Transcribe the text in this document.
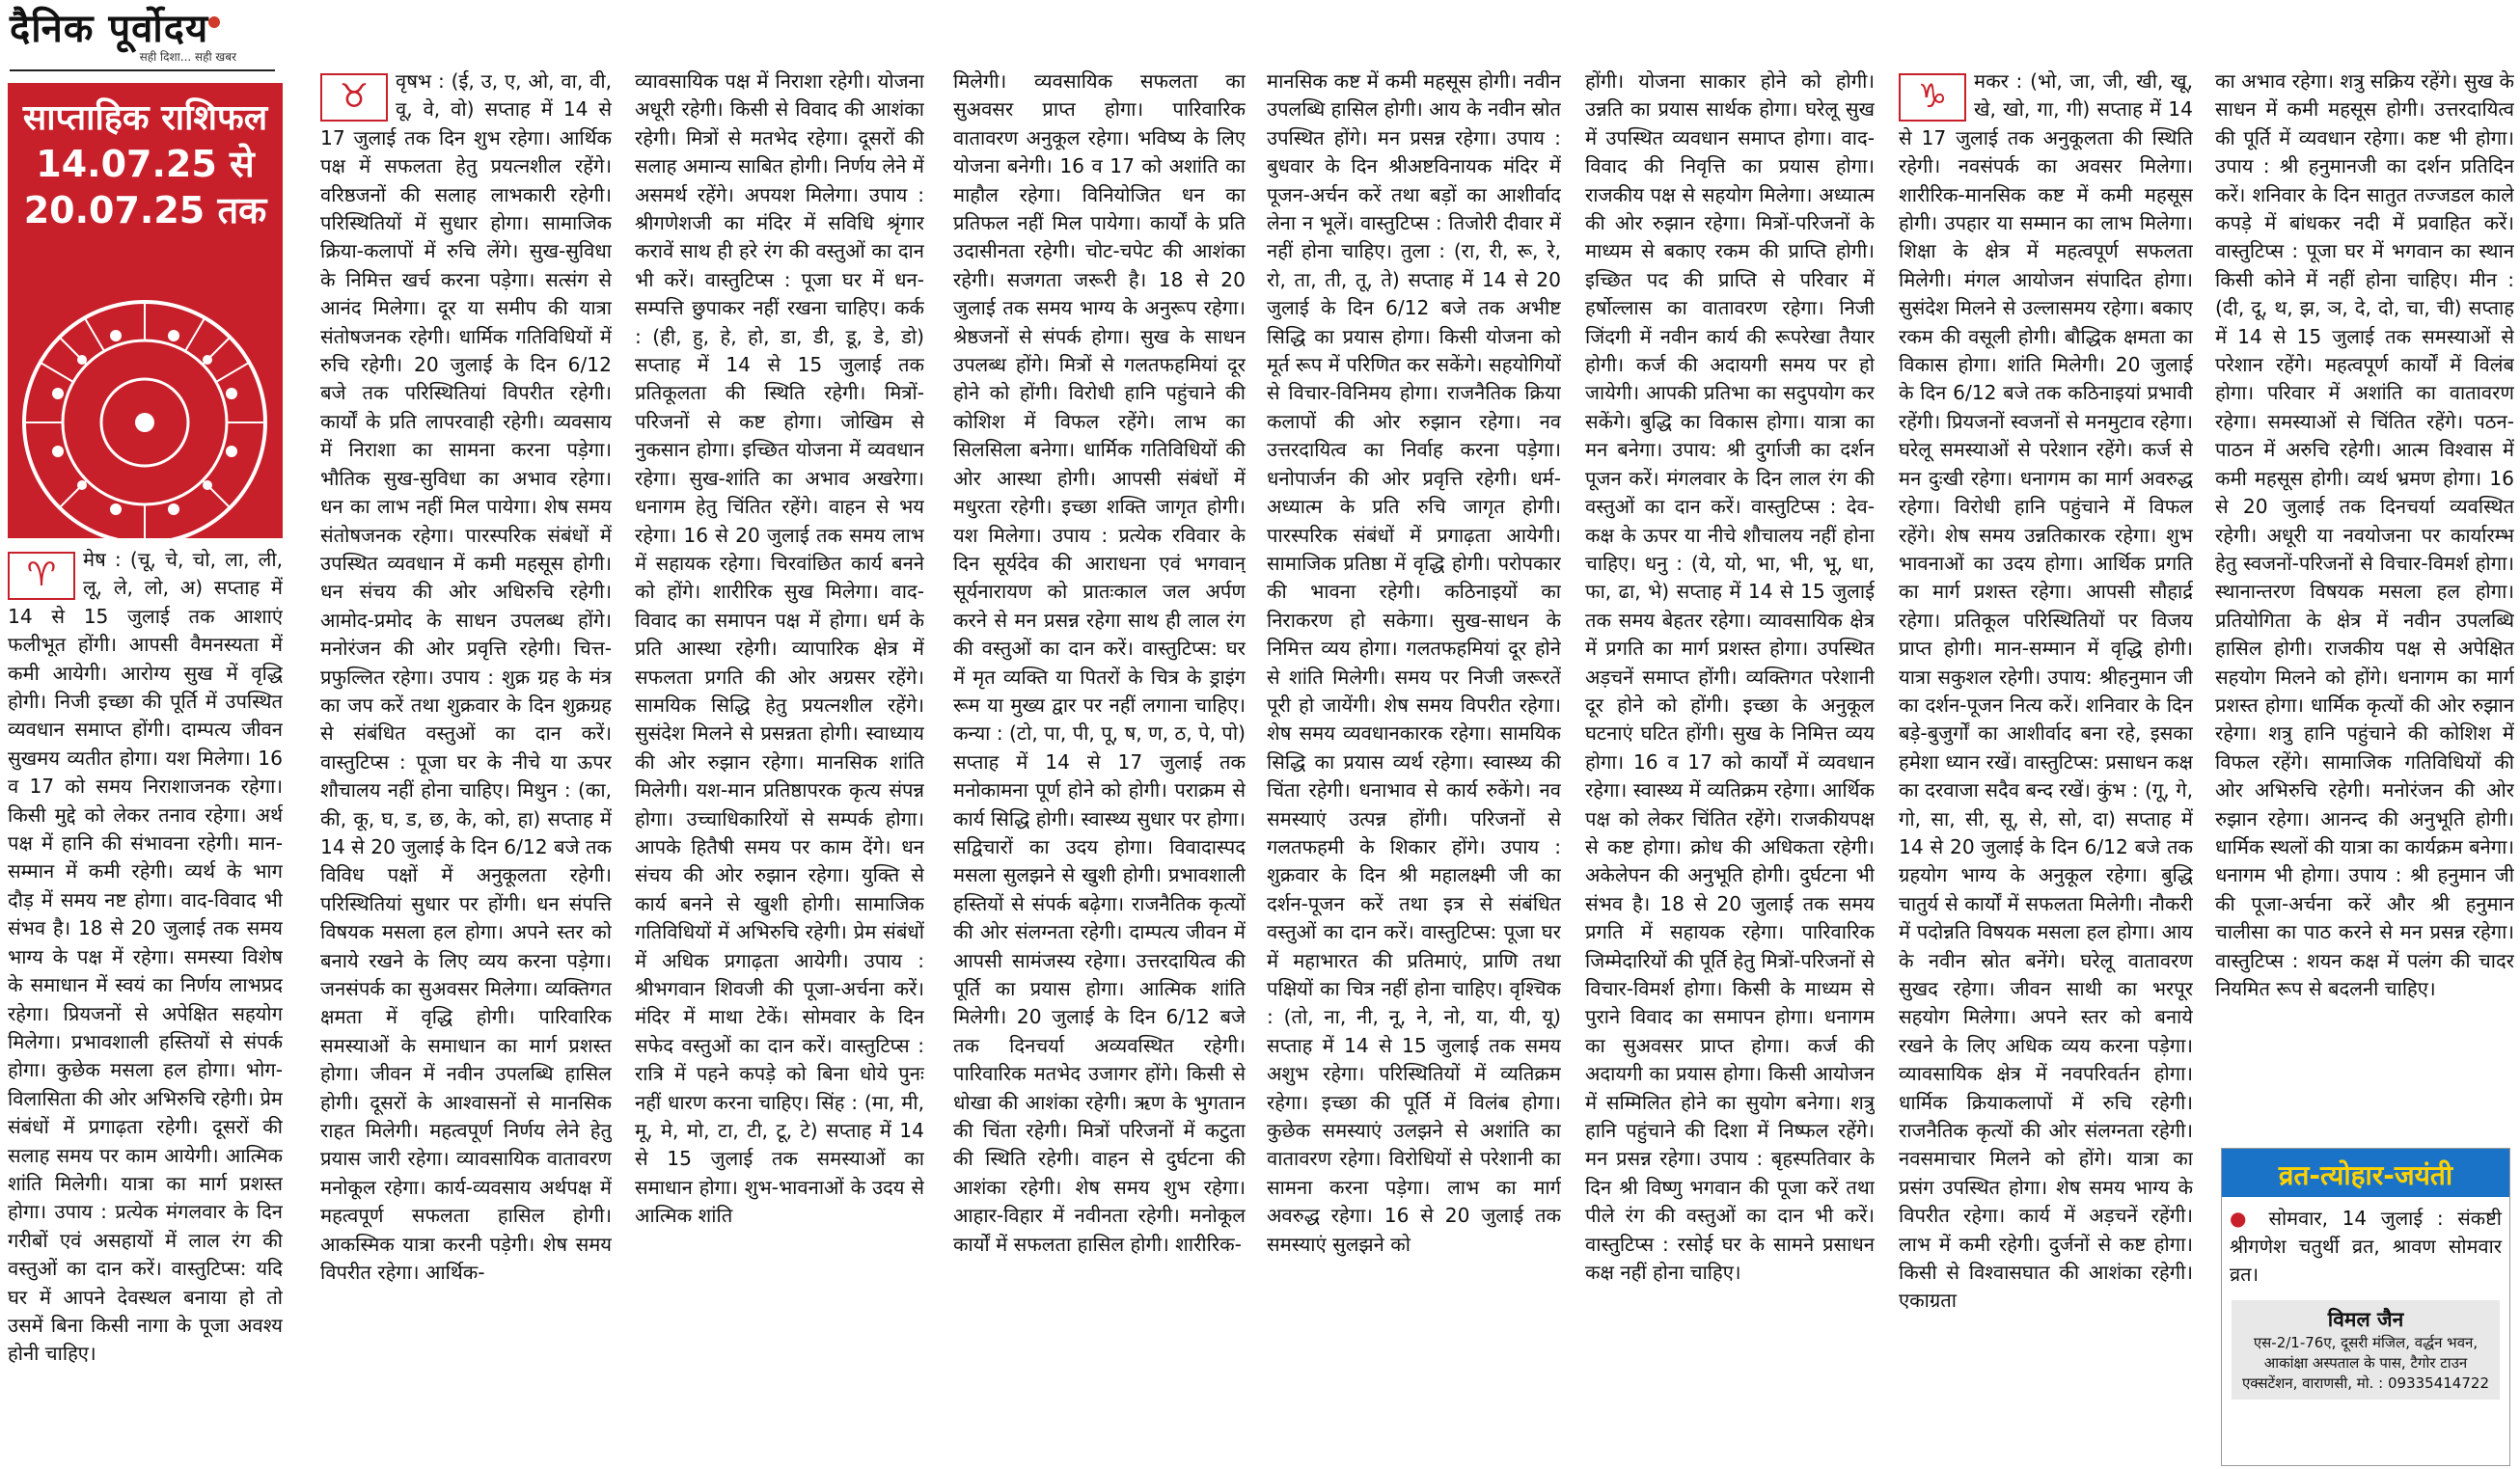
दैनिक पूर्वोदय
सही दिशा... सही खबर
साप्ताहिक राशिफल
14.07.25 से
20.07.25 तक
♈	मेष : (चू, चे, चो, ला, ली, लू, ले, लो, अ) सप्ताह में 14 से 15 जुलाई तक आशाएं फलीभूत होंगी। आपसी वैमनस्यता में कमी आयेगी। आरोग्य सुख में वृद्धि होगी। निजी इच्छा की पूर्ति में उपस्थित व्यवधान समाप्त होंगी। दाम्पत्य जीवन सुखमय व्यतीत होगा। यश मिलेगा। 16 व 17 को समय निराशाजनक रहेगा। किसी मुद्दे को लेकर तनाव रहेगा। अर्थ पक्ष में हानि की संभावना रहेगी। मान-सम्मान में कमी रहेगी। व्यर्थ के भाग दौड़ में समय नष्ट होगा। वाद-विवाद भी संभव है। 18 से 20 जुलाई तक समय भाग्य के पक्ष में रहेगा। समस्या विशेष के समाधान में स्वयं का निर्णय लाभप्रद रहेगा। प्रियजनों से अपेक्षित सहयोग मिलेगा। प्रभावशाली हस्तियों से संपर्क होगा। कुछेक मसला हल होगा। भोग-विलासिता की ओर अभिरुचि रहेगी। प्रेम संबंधों में प्रगाढ़ता रहेगी। दूसरों की सलाह समय पर काम आयेगी। आत्मिक शांति मिलेगी। यात्रा का मार्ग प्रशस्त होगा। उपाय : प्रत्येक मंगलवार के दिन गरीबों एवं असहायों में लाल रंग की वस्तुओं का दान करें। वास्तुटिप्स: यदि घर में आपने देवस्थल बनाया हो तो उसमें बिना किसी नागा के पूजा अवश्य होनी चाहिए।

♉	वृषभ : (ई, उ, ए, ओ, वा, वी, वू, वे, वो) सप्ताह में 14 से 17 जुलाई तक दिन शुभ रहेगा। आर्थिक पक्ष में सफलता हेतु प्रयत्नशील रहेंगे। वरिष्ठजनों की सलाह लाभकारी रहेगी। परिस्थितियों में सुधार होगा। सामाजिक क्रिया-कलापों में रुचि लेंगे। सुख-सुविधा के निमित्त खर्च करना पड़ेगा। सत्संग से आनंद मिलेगा। दूर या समीप की यात्रा संतोषजनक रहेगी। धार्मिक गतिविधियों में रुचि रहेगी। 20 जुलाई के दिन 6/12 बजे तक परिस्थितियां विपरीत रहेगी। कार्यों के प्रति लापरवाही रहेगी। व्यवसाय में निराशा का सामना करना पड़ेगा। भौतिक सुख-सुविधा का अभाव रहेगा। धन का लाभ नहीं मिल पायेगा। शेष समय संतोषजनक रहेगा। पारस्परिक संबंधों में उपस्थित व्यवधान में कमी महसूस होगी। धन संचय की ओर अधिरुचि रहेगी। आमोद-प्रमोद के साधन उपलब्ध होंगे। मनोरंजन की ओर प्रवृत्ति रहेगी। चित्त-प्रफुल्लित रहेगा। उपाय : शुक्र ग्रह के मंत्र का जप करें तथा शुक्रवार के दिन शुक्रग्रह से संबंधित वस्तुओं का दान करें। वास्तुटिप्स : पूजा घर के नीचे या ऊपर शौचालय नहीं होना चाहिए। मिथुन : (का, की, कू, घ, ड, छ, के, को, हा) सप्ताह में 14 से 20 जुलाई के दिन 6/12 बजे तक विविध पक्षों में अनुकूलता रहेगी। परिस्थितियां सुधार पर होंगी। धन संपत्ति विषयक मसला हल होगा। अपने स्तर को बनाये रखने के लिए व्यय करना पड़ेगा। जनसंपर्क का सुअवसर मिलेगा। व्यक्तिगत क्षमता में वृद्धि होगी। पारिवारिक समस्याओं के समाधान का मार्ग प्रशस्त होगा। जीवन में नवीन उपलब्धि हासिल होगी। दूसरों के आश्वासनों से मानसिक राहत मिलेगी। महत्वपूर्ण निर्णय लेने हेतु प्रयास जारी रहेगा। व्यावसायिक वातावरण मनोकूल रहेगा। कार्य-व्यवसाय अर्थपक्ष में महत्वपूर्ण सफलता हासिल होगी। आकस्मिक यात्रा करनी पड़ेगी। शेष समय विपरीत रहेगा। आर्थिक-

व्यावसायिक पक्ष में निराशा रहेगी। योजना अधूरी रहेगी। किसी से विवाद की आशंका रहेगी। मित्रों से मतभेद रहेगा। दूसरों की सलाह अमान्य साबित होगी। निर्णय लेने में असमर्थ रहेंगे। अपयश मिलेगा। उपाय : श्रीगणेशजी का मंदिर में सविधि श्रृंगार करावें साथ ही हरे रंग की वस्तुओं का दान भी करें। वास्तुटिप्स : पूजा घर में धन-सम्पत्ति छुपाकर नहीं रखना चाहिए। कर्क : (ही, हु, हे, हो, डा, डी, डू, डे, डो) सप्ताह में 14 से 15 जुलाई तक प्रतिकूलता की स्थिति रहेगी। मित्रों-परिजनों से कष्ट होगा। जोखिम से नुकसान होगा। इच्छित योजना में व्यवधान रहेगा। सुख-शांति का अभाव अखरेगा। धनागम हेतु चिंतित रहेंगे। वाहन से भय रहेगा। 16 से 20 जुलाई तक समय लाभ में सहायक रहेगा। चिरवांछित कार्य बनने को होंगे। शारीरिक सुख मिलेगा। वाद-विवाद का समापन पक्ष में होगा। धर्म के प्रति आस्था रहेगी। व्यापारिक क्षेत्र में सफलता प्रगति की ओर अग्रसर रहेंगे। सामयिक सिद्धि हेतु प्रयत्नशील रहेंगे। सुसंदेश मिलने से प्रसन्नता होगी। स्वाध्याय की ओर रुझान रहेगा। मानसिक शांति मिलेगी। यश-मान प्रतिष्ठापरक कृत्य संपन्न होगा। उच्चाधिकारियों से सम्पर्क होगा। आपके हितैषी समय पर काम देंगे। धन संचय की ओर रुझान रहेगा। युक्ति से कार्य बनने से खुशी होगी। सामाजिक गतिविधियों में अभिरुचि रहेगी। प्रेम संबंधों में अधिक प्रगाढ़ता आयेगी। उपाय : श्रीभगवान शिवजी की पूजा-अर्चना करें। मंदिर में माथा टेकें। सोमवार के दिन सफेद वस्तुओं का दान करें। वास्तुटिप्स : रात्रि में पहने कपड़े को बिना धोये पुनः नहीं धारण करना चाहिए। सिंह : (मा, मी, मू, मे, मो, टा, टी, टू, टे) सप्ताह में 14 से 15 जुलाई तक समस्याओं का समाधान होगा। शुभ-भावनाओं के उदय से आत्मिक शांति

मिलेगी। व्यवसायिक सफलता का सुअवसर प्राप्त होगा। पारिवारिक वातावरण अनुकूल रहेगा। भविष्य के लिए योजना बनेगी। 16 व 17 को अशांति का माहौल रहेगा। विनियोजित धन का प्रतिफल नहीं मिल पायेगा। कार्यों के प्रति उदासीनता रहेगी। चोट-चपेट की आशंका रहेगी। सजगता जरूरी है। 18 से 20 जुलाई तक समय भाग्य के अनुरूप रहेगा। श्रेष्ठजनों से संपर्क होगा। सुख के साधन उपलब्ध होंगे। मित्रों से गलतफहमियां दूर होने को होंगी। विरोधी हानि पहुंचाने की कोशिश में विफल रहेंगे। लाभ का सिलसिला बनेगा। धार्मिक गतिविधियों की ओर आस्था होगी। आपसी संबंधों में मधुरता रहेगी। इच्छा शक्ति जागृत होगी। यश मिलेगा। उपाय : प्रत्येक रविवार के दिन सूर्यदेव की आराधना एवं भगवान् सूर्यनारायण को प्रातःकाल जल अर्पण करने से मन प्रसन्न रहेगा साथ ही लाल रंग की वस्तुओं का दान करें। वास्तुटिप्स: घर में मृत व्यक्ति या पितरों के चित्र के ड्राइंग रूम या मुख्य द्वार पर नहीं लगाना चाहिए। कन्या : (टो, पा, पी, पू, ष, ण, ठ, पे, पो) सप्ताह में 14 से 17 जुलाई तक मनोकामना पूर्ण होने को होगी। पराक्रम से कार्य सिद्धि होगी। स्वास्थ्य सुधार पर होगा। सद्विचारों का उदय होगा। विवादास्पद मसला सुलझने से खुशी होगी। प्रभावशाली हस्तियों से संपर्क बढ़ेगा। राजनैतिक कृत्यों की ओर संलग्नता रहेगी। दाम्पत्य जीवन में आपसी सामंजस्य रहेगा। उत्तरदायित्व की पूर्ति का प्रयास होगा। आत्मिक शांति मिलेगी। 20 जुलाई के दिन 6/12 बजे तक दिनचर्या अव्यवस्थित रहेगी। पारिवारिक मतभेद उजागर होंगे। किसी से धोखा की आशंका रहेगी। ऋण के भुगतान की चिंता रहेगी। मित्रों परिजनों में कटुता की स्थिति रहेगी। वाहन से दुर्घटना की आशंका रहेगी। शेष समय शुभ रहेगा। आहार-विहार में नवीनता रहेगी। मनोकूल कार्यों में सफलता हासिल होगी। शारीरिक-

मानसिक कष्ट में कमी महसूस होगी। नवीन उपलब्धि हासिल होगी। आय के नवीन स्रोत उपस्थित होंगे। मन प्रसन्न रहेगा। उपाय : बुधवार के दिन श्रीअष्टविनायक मंदिर में पूजन-अर्चन करें तथा बड़ों का आशीर्वाद लेना न भूलें। वास्तुटिप्स : तिजोरी दीवार में नहीं होना चाहिए। तुला : (रा, री, रू, रे, रो, ता, ती, तू, ते) सप्ताह में 14 से 20 जुलाई के दिन 6/12 बजे तक अभीष्ट सिद्धि का प्रयास होगा। किसी योजना को मूर्त रूप में परिणित कर सकेंगे। सहयोगियों से विचार-विनिमय होगा। राजनैतिक क्रिया कलापों की ओर रुझान रहेगा। नव उत्तरदायित्व का निर्वाह करना पड़ेगा। धनोपार्जन की ओर प्रवृत्ति रहेगी। धर्म-अध्यात्म के प्रति रुचि जागृत होगी। पारस्परिक संबंधों में प्रगाढ़ता आयेगी। सामाजिक प्रतिष्ठा में वृद्धि होगी। परोपकार की भावना रहेगी। कठिनाइयों का निराकरण हो सकेगा। सुख-साधन के निमित्त व्यय होगा। गलतफहमियां दूर होने से शांति मिलेगी। समय पर निजी जरूरतें पूरी हो जायेंगी। शेष समय विपरीत रहेगा। शेष समय व्यवधानकारक रहेगा। सामयिक सिद्धि का प्रयास व्यर्थ रहेगा। स्वास्थ्य की चिंता रहेगी। धनाभाव से कार्य रुकेंगे। नव समस्याएं उत्पन्न होंगी। परिजनों से गलतफहमी के शिकार होंगे। उपाय : शुक्रवार के दिन श्री महालक्ष्मी जी का दर्शन-पूजन करें तथा इत्र से संबंधित वस्तुओं का दान करें। वास्तुटिप्स: पूजा घर में महाभारत की प्रतिमाएं, प्राणि तथा पक्षियों का चित्र नहीं होना चाहिए। वृश्चिक : (तो, ना, नी, नू, ने, नो, या, यी, यू) सप्ताह में 14 से 15 जुलाई तक समय अशुभ रहेगा। परिस्थितियों में व्यतिक्रम रहेगा। इच्छा की पूर्ति में विलंब होगा। कुछेक समस्याएं उलझने से अशांति का वातावरण रहेगा। विरोधियों से परेशानी का सामना करना पड़ेगा। लाभ का मार्ग अवरुद्ध रहेगा। 16 से 20 जुलाई तक समस्याएं सुलझने को

होंगी। योजना साकार होने को होगी। उन्नति का प्रयास सार्थक होगा। घरेलू सुख में उपस्थित व्यवधान समाप्त होगा। वाद-विवाद की निवृत्ति का प्रयास होगा। राजकीय पक्ष से सहयोग मिलेगा। अध्यात्म की ओर रुझान रहेगा। मित्रों-परिजनों के माध्यम से बकाए रकम की प्राप्ति होगी। इच्छित पद की प्राप्ति से परिवार में हर्षोल्लास का वातावरण रहेगा। निजी जिंदगी में नवीन कार्य की रूपरेखा तैयार होगी। कर्ज की अदायगी समय पर हो जायेगी। आपकी प्रतिभा का सदुपयोग कर सकेंगे। बुद्धि का विकास होगा। यात्रा का मन बनेगा। उपाय: श्री दुर्गाजी का दर्शन पूजन करें। मंगलवार के दिन लाल रंग की वस्तुओं का दान करें। वास्तुटिप्स : देव-कक्ष के ऊपर या नीचे शौचालय नहीं होना चाहिए। धनु : (ये, यो, भा, भी, भू, धा, फा, ढा, भे) सप्ताह में 14 से 15 जुलाई तक समय बेहतर रहेगा। व्यावसायिक क्षेत्र में प्रगति का मार्ग प्रशस्त होगा। उपस्थित अड़चनें समाप्त होंगी। व्यक्तिगत परेशानी दूर होने को होंगी। इच्छा के अनुकूल घटनाएं घटित होंगी। सुख के निमित्त व्यय होगा। 16 व 17 को कार्यों में व्यवधान रहेगा। स्वास्थ्य में व्यतिक्रम रहेगा। आर्थिक पक्ष को लेकर चिंतित रहेंगे। राजकीयपक्ष से कष्ट होगा। क्रोध की अधिकता रहेगी। अकेलेपन की अनुभूति होगी। दुर्घटना भी संभव है। 18 से 20 जुलाई तक समय प्रगति में सहायक रहेगा। पारिवारिक जिम्मेदारियों की पूर्ति हेतु मित्रों-परिजनों से विचार-विमर्श होगा। किसी के माध्यम से पुराने विवाद का समापन होगा। धनागम का सुअवसर प्राप्त होगा। कर्ज की अदायगी का प्रयास होगा। किसी आयोजन में सम्मिलित होने का सुयोग बनेगा। शत्रु हानि पहुंचाने की दिशा में निष्फल रहेंगे। मन प्रसन्न रहेगा। उपाय : बृहस्पतिवार के दिन श्री विष्णु भगवान की पूजा करें तथा पीले रंग की वस्तुओं का दान भी करें। वास्तुटिप्स : रसोई घर के सामने प्रसाधन कक्ष नहीं होना चाहिए।

♑	मकर : (भो, जा, जी, खी, खू, खे, खो, गा, गी) सप्ताह में 14 से 17 जुलाई तक अनुकूलता की स्थिति रहेगी। नवसंपर्क का अवसर मिलेगा। शारीरिक-मानसिक कष्ट में कमी महसूस होगी। उपहार या सम्मान का लाभ मिलेगा। शिक्षा के क्षेत्र में महत्वपूर्ण सफलता मिलेगी। मंगल आयोजन संपादित होगा। सुसंदेश मिलने से उल्लासमय रहेगा। बकाए रकम की वसूली होगी। बौद्धिक क्षमता का विकास होगा। शांति मिलेगी। 20 जुलाई के दिन 6/12 बजे तक कठिनाइयां प्रभावी रहेंगी। प्रियजनों स्वजनों से मनमुटाव रहेगा। घरेलू समस्याओं से परेशान रहेंगे। कर्ज से मन दुःखी रहेगा। धनागम का मार्ग अवरुद्ध रहेगा। विरोधी हानि पहुंचाने में विफल रहेंगे। शेष समय उन्नतिकारक रहेगा। शुभ भावनाओं का उदय होगा। आर्थिक प्रगति का मार्ग प्रशस्त रहेगा। आपसी सौहार्द्र रहेगा। प्रतिकूल परिस्थितियों पर विजय प्राप्त होगी। मान-सम्मान में वृद्धि होगी। यात्रा सकुशल रहेगी। उपाय: श्रीहनुमान जी का दर्शन-पूजन नित्य करें। शनिवार के दिन बड़े-बुजुर्गों का आशीर्वाद बना रहे, इसका हमेशा ध्यान रखें। वास्तुटिप्स: प्रसाधन कक्ष का दरवाजा सदैव बन्द रखें। कुंभ : (गू, गे, गो, सा, सी, सू, से, सो, दा) सप्ताह में 14 से 20 जुलाई के दिन 6/12 बजे तक ग्रहयोग भाग्य के अनुकूल रहेगा। बुद्धि चातुर्य से कार्यों में सफलता मिलेगी। नौकरी में पदोन्नति विषयक मसला हल होगा। आय के नवीन स्रोत बनेंगे। घरेलू वातावरण सुखद रहेगा। जीवन साथी का भरपूर सहयोग मिलेगा। अपने स्तर को बनाये रखने के लिए अधिक व्यय करना पड़ेगा। व्यावसायिक क्षेत्र में नवपरिवर्तन होगा। धार्मिक क्रियाकलापों में रुचि रहेगी। राजनैतिक कृत्यों की ओर संलग्नता रहेगी। नवसमाचार मिलने को होंगे। यात्रा का प्रसंग उपस्थित होगा। शेष समय भाग्य के विपरीत रहेगा। कार्य में अड़चनें रहेंगी। लाभ में कमी रहेगी। दुर्जनों से कष्ट होगा। किसी से विश्वासघात की आशंका रहेगी। एकाग्रता

का अभाव रहेगा। शत्रु सक्रिय रहेंगे। सुख के साधन में कमी महसूस होगी। उत्तरदायित्व की पूर्ति में व्यवधान रहेगा। कष्ट भी होगा। उपाय : श्री हनुमानजी का दर्शन प्रतिदिन करें। शनिवार के दिन सातुत तज्जडल काले कपड़े में बांधकर नदी में प्रवाहित करें। वास्तुटिप्स : पूजा घर में भगवान का स्थान किसी कोने में नहीं होना चाहिए। मीन : (दी, दू, थ, झ, ञ, दे, दो, चा, ची) सप्ताह में 14 से 15 जुलाई तक समस्याओं से परेशान रहेंगे। महत्वपूर्ण कार्यों में विलंब होगा। परिवार में अशांति का वातावरण रहेगा। समस्याओं से चिंतित रहेंगे। पठन-पाठन में अरुचि रहेगी। आत्म विश्वास में कमी महसूस होगी। व्यर्थ भ्रमण होगा। 16 से 20 जुलाई तक दिनचर्या व्यवस्थित रहेगी। अधूरी या नवयोजना पर कार्यारम्भ हेतु स्वजनों-परिजनों से विचार-विमर्श होगा। स्थानान्तरण विषयक मसला हल होगा। प्रतियोगिता के क्षेत्र में नवीन उपलब्धि हासिल होगी। राजकीय पक्ष से अपेक्षित सहयोग मिलने को होंगे। धनागम का मार्ग प्रशस्त होगा। धार्मिक कृत्यों की ओर रुझान रहेगा। शत्रु हानि पहुंचाने की कोशिश में विफल रहेंगे। सामाजिक गतिविधियों की ओर अभिरुचि रहेगी। मनोरंजन की ओर रुझान रहेगा। आनन्द की अनुभूति होगी। धार्मिक स्थलों की यात्रा का कार्यक्रम बनेगा। धनागम भी होगा। उपाय : श्री हनुमान जी की पूजा-अर्चना करें और श्री हनुमान चालीसा का पाठ करने से मन प्रसन्न रहेगा। वास्तुटिप्स : शयन कक्ष में पलंग की चादर नियमित रूप से बदलनी चाहिए।

व्रत-त्योहार-जयंती
● सोमवार, 14 जुलाई : संकष्टी श्रीगणेश चतुर्थी व्रत, श्रावण सोमवार व्रत।
विमल जैन
एस-2/1-76ए, दूसरी मंजिल, वर्द्धन भवन, आकांक्षा अस्पताल के पास, टैगोर टाउन एक्सटेंशन, वाराणसी, मो. : 09335414722
